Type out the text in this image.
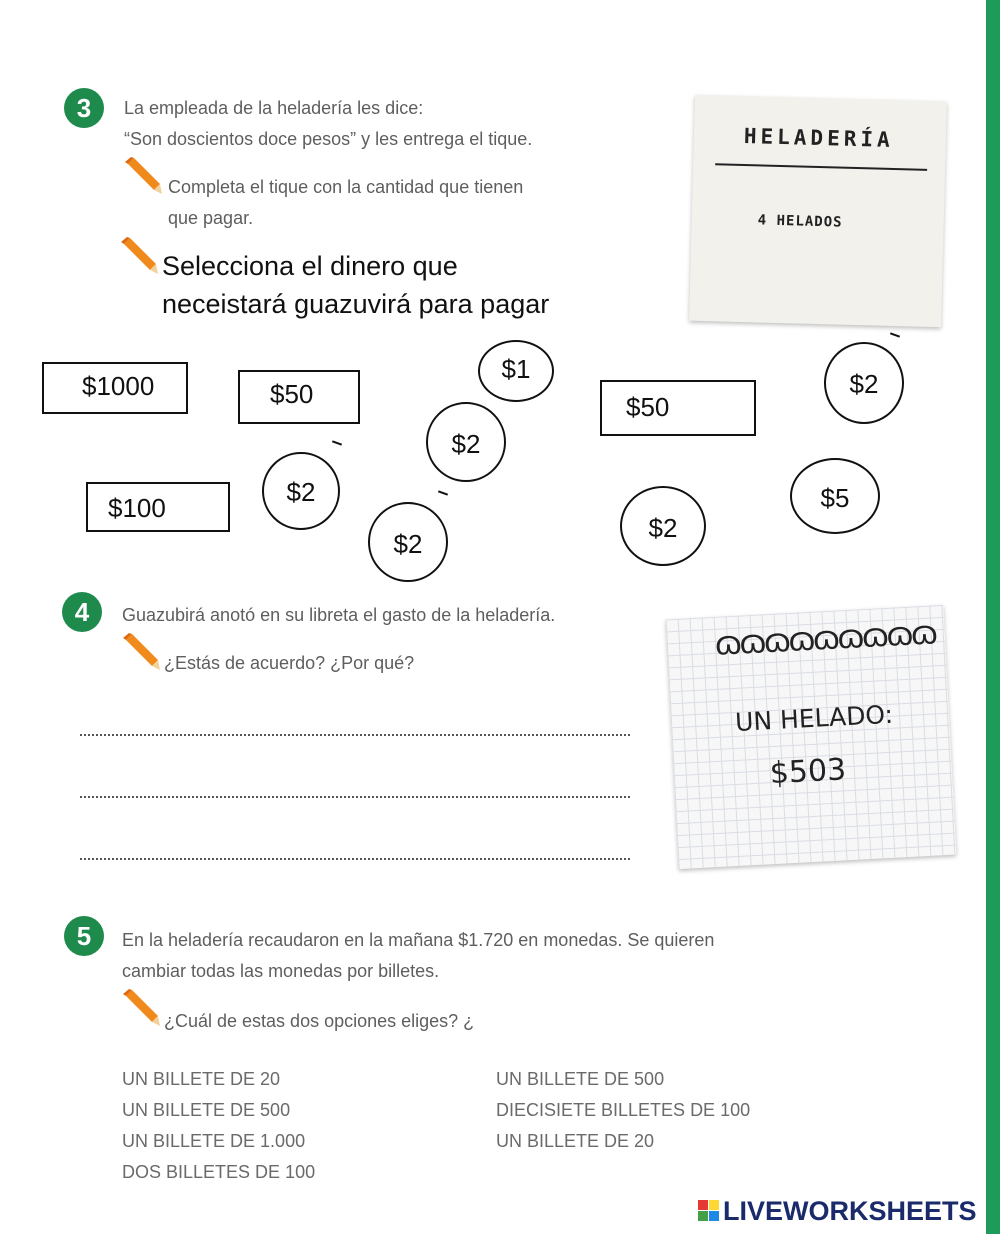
3	La empleada de la heladería les dice:
“Son doscientos doce pesos” y les entrega el tique.
Completa el tique con la cantidad que tienen
que pagar.
Selecciona el dinero que
neceistará guazuvirá para pagar
HELADERÍA
4 HELADOS
$1000	$50	$50
$100
$1	$2
$2
$2
$2
$2
$5
4	Guazubirá anotó en su libreta el gasto de la heladería.
¿Estás de acuerdo? ¿Por qué?
ɷɷɷɷɷɷɷɷɷ
UN HELADO:
$503
5	En la heladería recaudaron en la mañana $1.720 en monedas. Se quieren
cambiar todas las monedas por billetes.
¿Cuál de estas dos opciones eliges? ¿
UN BILLETE DE 20
UN BILLETE DE 500
UN BILLETE DE 1.000
DOS BILLETES DE 100
UN BILLETE DE 500
DIECISIETE BILLETES DE 100
UN BILLETE DE 20
LIVEWORKSHEETS
